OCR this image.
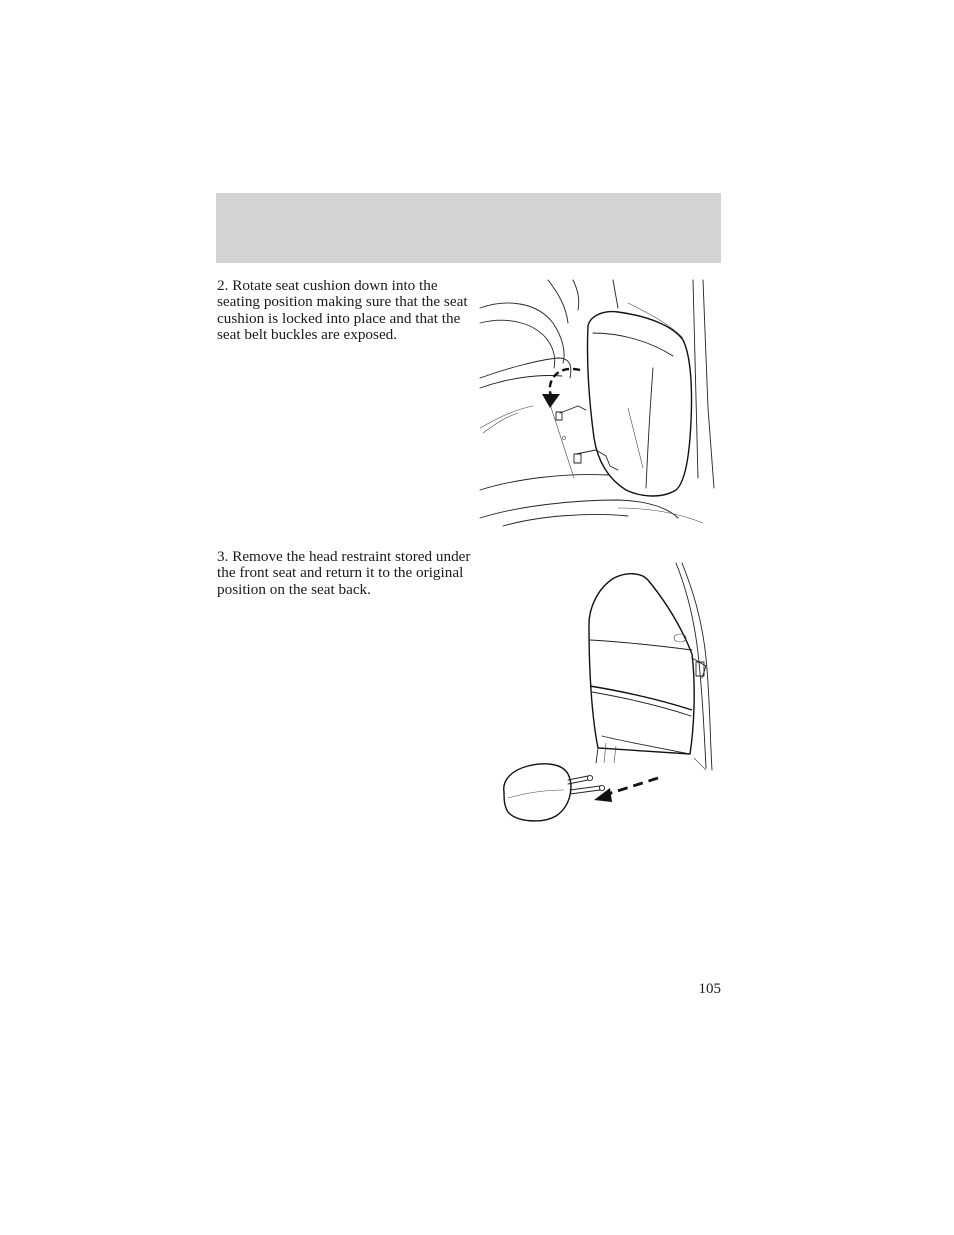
2. Rotate seat cushion down into the seating position making sure that the seat cushion is locked into place and that the seat belt buckles are exposed.

3. Remove the head restraint stored under the front seat and return it to the original position on the seat back.

105
